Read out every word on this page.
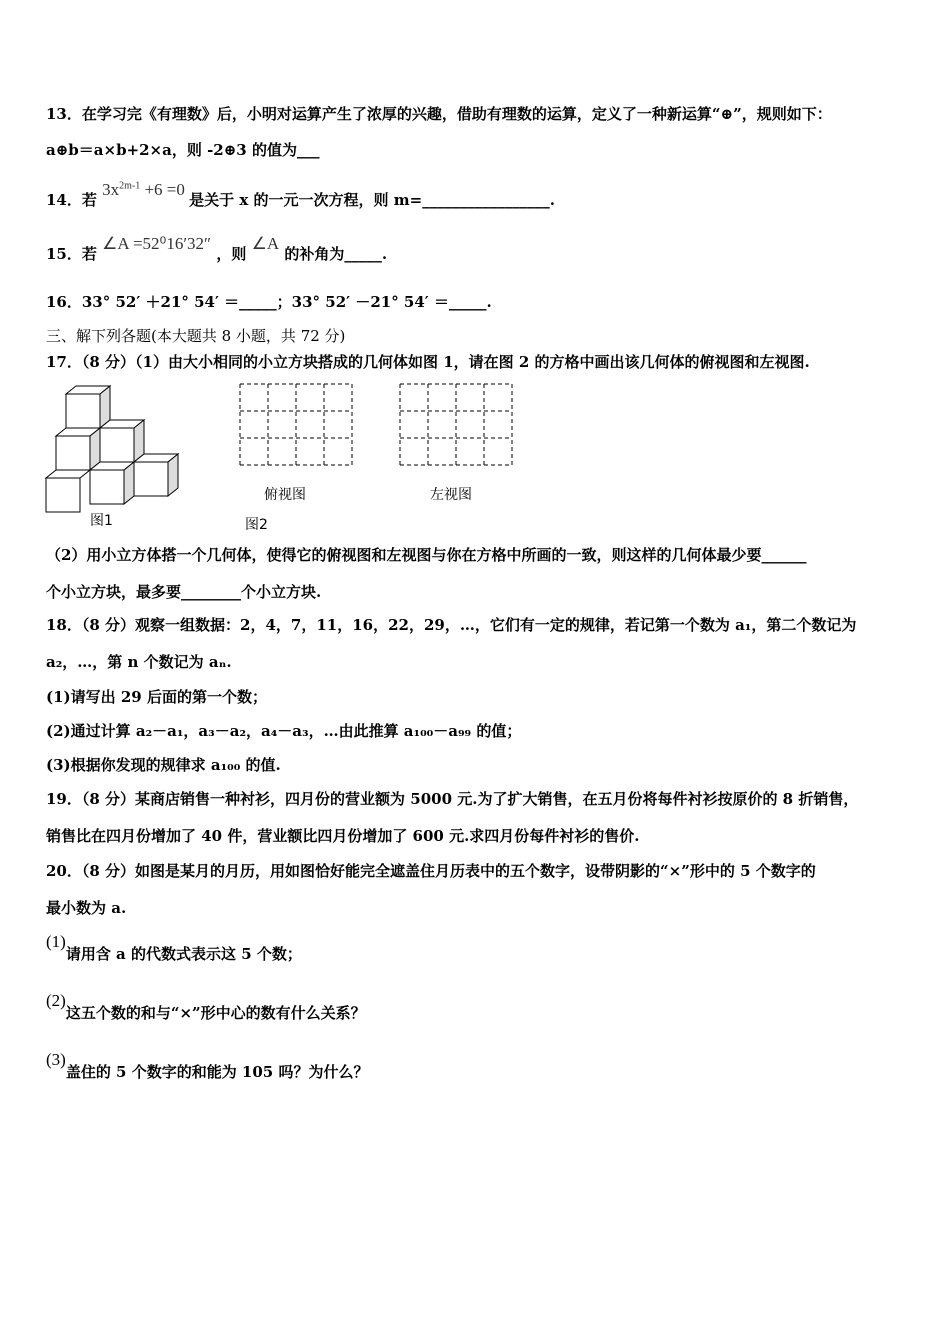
13．在学习完《有理数》后，小明对运算产生了浓厚的兴趣，借助有理数的运算，定义了一种新运算“⊕”，规则如下：
a⊕b＝a×b+2×a，则 -2⊕3 的值为___
14．若 $3x^{2m-1} +6 =0$ 是关于 x 的一元一次方程，则 m=_________________.
15．若 ∠A =52⁰16′32″ ，则 ∠A 的补角为_____.
16．33° 52′ ＋21° 54′ ＝_____；33° 52′ －21° 54′ ＝_____.
三、解下列各题(本大题共 8 小题，共 72 分)
17．（8 分）（1）由大小相同的小立方块搭成的几何体如图 1，请在图 2 的方格中画出该几何体的俯视图和左视图.
图1
俯视图	左视图
图2
（2）用小立方体搭一个几何体，使得它的俯视图和左视图与你在方格中所画的一致，则这样的几何体最少要______
个小立方块，最多要________个小立方块.
18．（8 分）观察一组数据：2，4，7，11，16，22，29，…，它们有一定的规律，若记第一个数为 a₁，第二个数记为
a₂，…，第 n 个数记为 aₙ.
(1)请写出 29 后面的第一个数；
(2)通过计算 a₂－a₁，a₃－a₂，a₄－a₃，…由此推算 a₁₀₀－a₉₉ 的值；
(3)根据你发现的规律求 a₁₀₀ 的值.
19．（8 分）某商店销售一种衬衫，四月份的营业额为 5000 元.为了扩大销售，在五月份将每件衬衫按原价的 8 折销售，
销售比在四月份增加了 40 件，营业额比四月份增加了 600 元.求四月份每件衬衫的售价.
20．（8 分）如图是某月的月历，用如图恰好能完全遮盖住月历表中的五个数字，设带阴影的“×”形中的 5 个数字的
最小数为 a.
(1)请用含 a 的代数式表示这 5 个数；
(2)这五个数的和与“×”形中心的数有什么关系？
(3)盖住的 5 个数字的和能为 105 吗？为什么？
